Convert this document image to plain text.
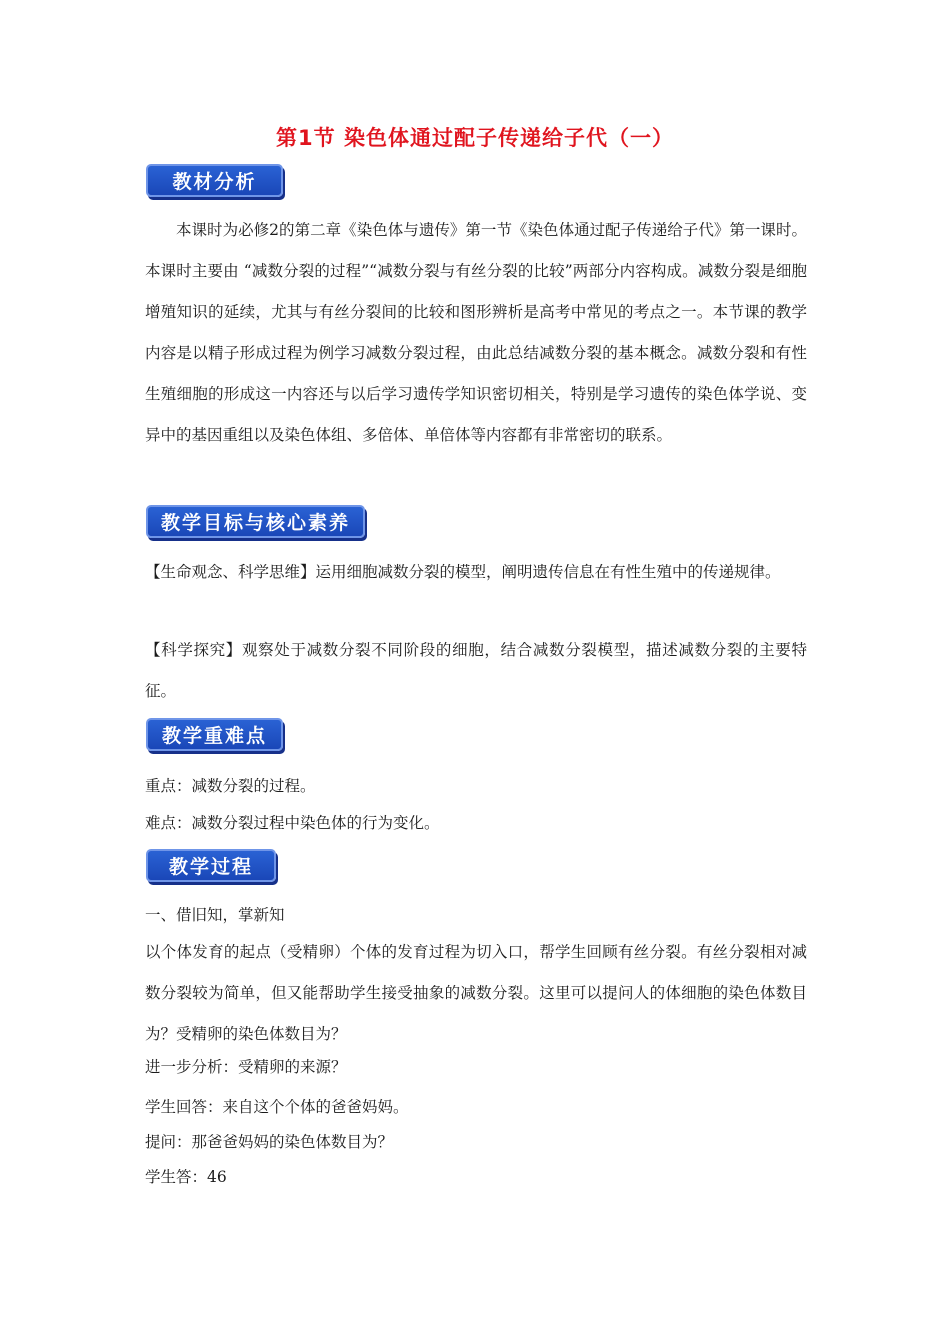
第1节 染色体通过配子传递给子代（一）
教材分析
本课时为必修2的第二章《染色体与遗传》第一节《染色体通过配子传递给子代》第一课时。本课时主要由 “减数分裂的过程”“减数分裂与有丝分裂的比较”两部分内容构成。减数分裂是细胞增殖知识的延续，尤其与有丝分裂间的比较和图形辨析是高考中常见的考点之一。本节课的教学内容是以精子形成过程为例学习减数分裂过程，由此总结减数分裂的基本概念。减数分裂和有性生殖细胞的形成这一内容还与以后学习遗传学知识密切相关，特别是学习遗传的染色体学说、变异中的基因重组以及染色体组、多倍体、单倍体等内容都有非常密切的联系。
教学目标与核心素养
【生命观念、科学思维】运用细胞减数分裂的模型，阐明遗传信息在有性生殖中的传递规律。
【科学探究】观察处于减数分裂不同阶段的细胞，结合减数分裂模型，描述减数分裂的主要特征。
教学重难点
重点：减数分裂的过程。
难点：减数分裂过程中染色体的行为变化。
教学过程
一、借旧知，掌新知
以个体发育的起点（受精卵）个体的发育过程为切入口，帮学生回顾有丝分裂。有丝分裂相对减数分裂较为简单，但又能帮助学生接受抽象的减数分裂。这里可以提问人的体细胞的染色体数目为？受精卵的染色体数目为？
进一步分析：受精卵的来源？
学生回答：来自这个个体的爸爸妈妈。
提问：那爸爸妈妈的染色体数目为？
学生答：46
